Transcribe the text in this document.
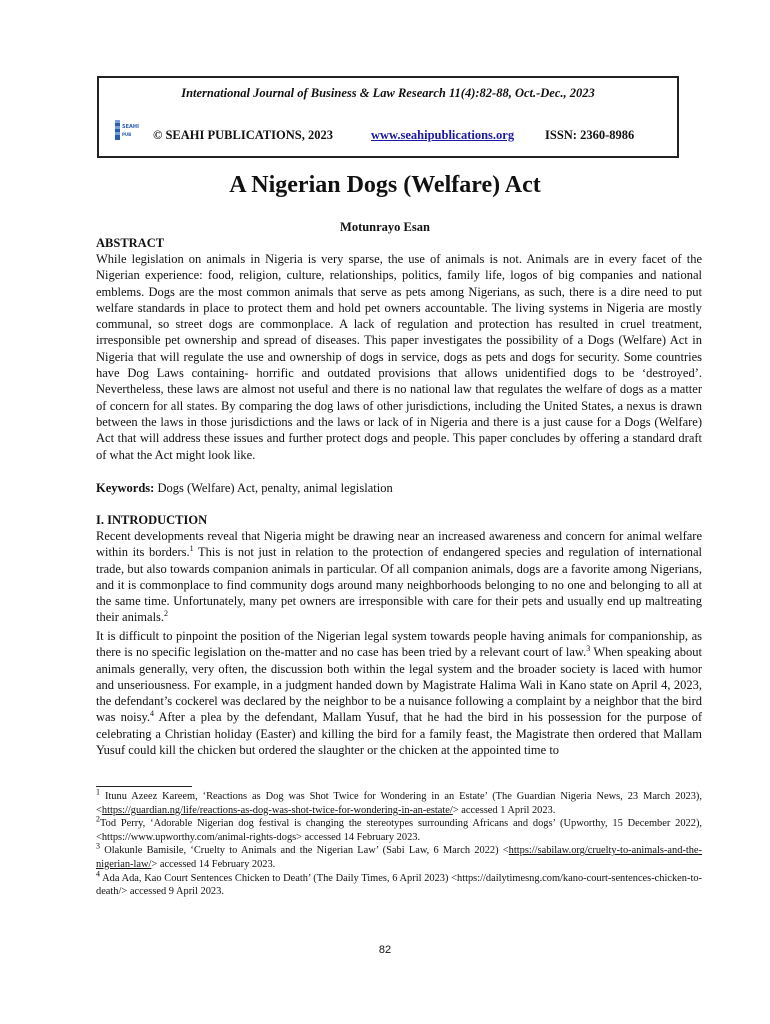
International Journal of Business & Law Research 11(4):82-88, Oct.-Dec., 2023
SEAHI
PUB © SEAHI PUBLICATIONS, 2023	www.seahipublications.org ISSN: 2360-8986
A Nigerian Dogs (Welfare) Act
Motunrayo Esan
ABSTRACT
While legislation on animals in Nigeria is very sparse, the use of animals is not. Animals are in every facet of the Nigerian experience: food, religion, culture, relationships, politics, family life, logos of big companies and national emblems. Dogs are the most common animals that serve as pets among Nigerians, as such, there is a dire need to put welfare standards in place to protect them and hold pet owners accountable. The living systems in Nigeria are mostly communal, so street dogs are commonplace. A lack of regulation and protection has resulted in cruel treatment, irresponsible pet ownership and spread of diseases. This paper investigates the possibility of a Dogs (Welfare) Act in Nigeria that will regulate the use and ownership of dogs in service, dogs as pets and dogs for security. Some countries have Dog Laws containing- horrific and outdated provisions that allows unidentified dogs to be ‘destroyed’. Nevertheless, these laws are almost not useful and there is no national law that regulates the welfare of dogs as a matter of concern for all states. By comparing the dog laws of other jurisdictions, including the United States, a nexus is drawn between the laws in those jurisdictions and the laws or lack of in Nigeria and there is a just cause for a Dogs (Welfare) Act that will address these issues and further protect dogs and people. This paper concludes by offering a standard draft of what the Act might look like.
Keywords: Dogs (Welfare) Act, penalty, animal legislation
I. INTRODUCTION
Recent developments reveal that Nigeria might be drawing near an increased awareness and concern for animal welfare within its borders.$^1$ This is not just in relation to the protection of endangered species and regulation of international trade, but also towards companion animals in particular. Of all companion animals, dogs are a favorite among Nigerians, and it is commonplace to find community dogs around many neighborhoods belonging to no one and belonging to all at the same time. Unfortunately, many pet owners are irresponsible with care for their pets and usually end up maltreating their animals.$^2$
It is difficult to pinpoint the position of the Nigerian legal system towards people having animals for companionship, as there is no specific legislation on the-matter and no case has been tried by a relevant court of law.$^3$ When speaking about animals generally, very often, the discussion both within the legal system and the broader society is laced with humor and unseriousness. For example, in a judgment handed down by Magistrate Halima Wali in Kano state on April 4, 2023, the defendant’s cockerel was declared by the neighbor to be a nuisance following a complaint by a neighbor that the bird was noisy.$^4$ After a plea by the defendant, Mallam Yusuf, that he had the bird in his possession for the purpose of celebrating a Christian holiday (Easter) and killing the bird for a family feast, the Magistrate then ordered that Mallam Yusuf could kill the chicken but ordered the slaughter or the chicken at the appointed time to

$^1$ Itunu Azeez Kareem, ‘Reactions as Dog was Shot Twice for Wondering in an Estate’ (The Guardian Nigeria News, 23 March 2023), <https://guardian.ng/life/reactions-as-dog-was-shot-twice-for-wondering-in-an-estate/> accessed 1 April 2023.

$^2$Tod Perry, ‘Adorable Nigerian dog festival is changing the stereotypes surrounding Africans and dogs’ (Upworthy, 15 December 2022), <https://www.upworthy.com/animal-rights-dogs> accessed 14 February 2023.

$^3$ Olakunle Bamisile, ‘Cruelty to Animals and the Nigerian Law’ (Sabi Law, 6 March 2022) <https://sabilaw.org/cruelty-to-animals-and-the-nigerian-law/> accessed 14 February 2023.

$^4$ Ada Ada, Kao Court Sentences Chicken to Death’ (The Daily Times, 6 April 2023) <https://dailytimesng.com/kano-court-sentences-chicken-to-death/> accessed 9 April 2023.

82
